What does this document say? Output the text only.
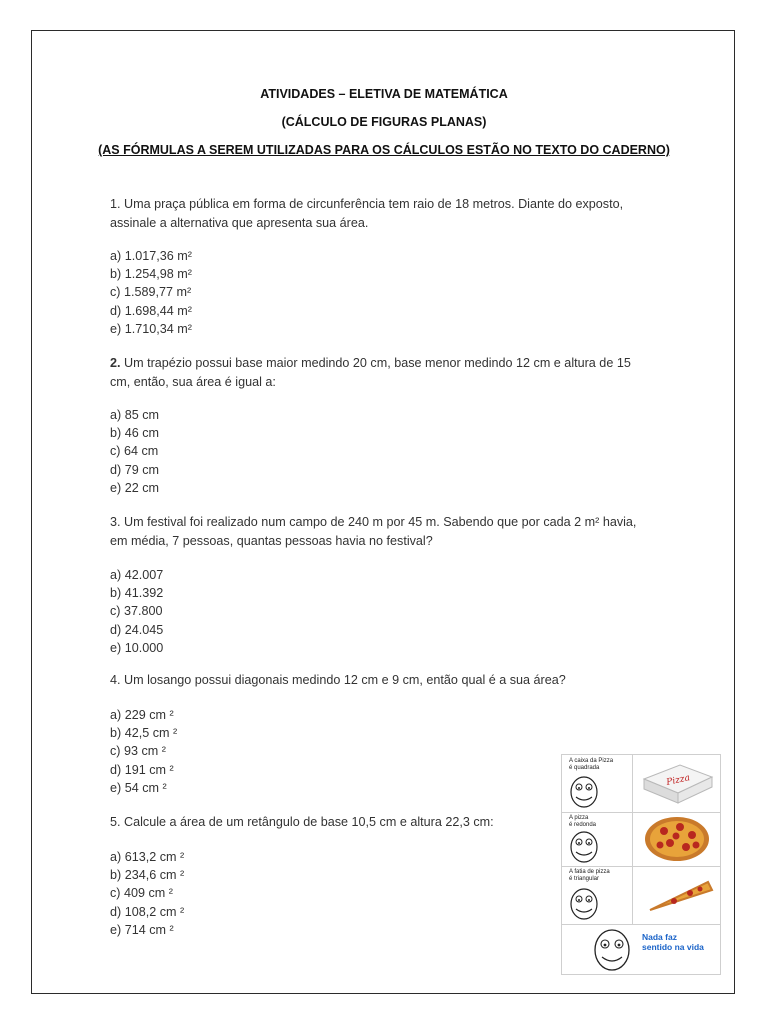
ATIVIDADES – ELETIVA DE MATEMÁTICA
(CÁLCULO DE FIGURAS PLANAS)
(AS FÓRMULAS A SEREM UTILIZADAS PARA OS CÁLCULOS ESTÃO NO TEXTO DO CADERNO)
1. Uma praça pública em forma de circunferência tem raio de 18 metros. Diante do exposto, assinale a alternativa que apresenta sua área.
a) 1.017,36 m²
b) 1.254,98 m²
c) 1.589,77 m²
d) 1.698,44 m²
e) 1.710,34 m²
2. Um trapézio possui base maior medindo 20 cm, base menor medindo 12 cm e altura de 15 cm, então, sua área é igual a:
a) 85 cm
b) 46 cm
c) 64 cm
d) 79 cm
e) 22 cm
3. Um festival foi realizado num campo de 240 m por 45 m. Sabendo que por cada 2 m² havia, em média, 7 pessoas, quantas pessoas havia no festival?
a) 42.007
b) 41.392
c) 37.800
d) 24.045
e) 10.000
4. Um losango possui diagonais medindo 12 cm e 9 cm, então qual é a sua área?
a) 229 cm ²
b) 42,5 cm ²
c) 93 cm ²
d) 191 cm ²
e) 54 cm ²
5. Calcule a área de um retângulo de base 10,5 cm e altura 22,3 cm:
a) 613,2 cm ²
b) 234,6 cm ²
c) 409 cm ²
d) 108,2 cm ²
e) 714 cm ²
A caixa da Pizza
é quadrada
Pizza
A pizza
é redonda
A fatia de pizza
é triangular
Nada faz
sentido na vida
